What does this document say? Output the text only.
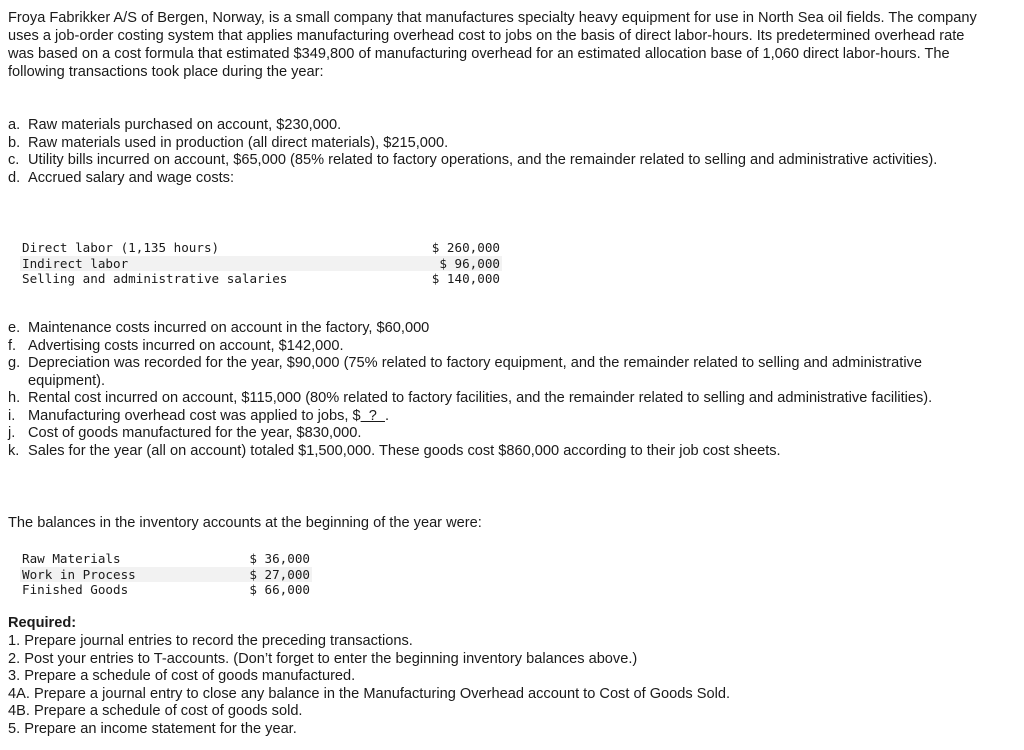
Froya Fabrikker A/S of Bergen, Norway, is a small company that manufactures specialty heavy equipment for use in North Sea oil fields. The company uses a job-order costing system that applies manufacturing overhead cost to jobs on the basis of direct labor-hours. Its predetermined overhead rate was based on a cost formula that estimated $349,800 of manufacturing overhead for an estimated allocation base of 1,060 direct labor-hours. The following transactions took place during the year:

a. Raw materials purchased on account, $230,000.
b. Raw materials used in production (all direct materials), $215,000.
c. Utility bills incurred on account, $65,000 (85% related to factory operations, and the remainder related to selling and administrative activities).
d. Accrued salary and wage costs:
Direct labor (1,135 hours)	$ 260,000
Indirect labor	$ 96,000
Selling and administrative salaries	$ 140,000
e. Maintenance costs incurred on account in the factory, $60,000
f. Advertising costs incurred on account, $142,000.
g. Depreciation was recorded for the year, $90,000 (75% related to factory equipment, and the remainder related to selling and administrative equipment).
h. Rental cost incurred on account, $115,000 (80% related to factory facilities, and the remainder related to selling and administrative facilities).
i. Manufacturing overhead cost was applied to jobs, $  ?  .
j. Cost of goods manufactured for the year, $830,000.
k. Sales for the year (all on account) totaled $1,500,000. These goods cost $860,000 according to their job cost sheets.

The balances in the inventory accounts at the beginning of the year were:

Raw Materials	$ 36,000
Work in Process	$ 27,000
Finished Goods	$ 66,000
Required:
1. Prepare journal entries to record the preceding transactions.
2. Post your entries to T-accounts. (Don’t forget to enter the beginning inventory balances above.)
3. Prepare a schedule of cost of goods manufactured.
4A. Prepare a journal entry to close any balance in the Manufacturing Overhead account to Cost of Goods Sold.
4B. Prepare a schedule of cost of goods sold.
5. Prepare an income statement for the year.
